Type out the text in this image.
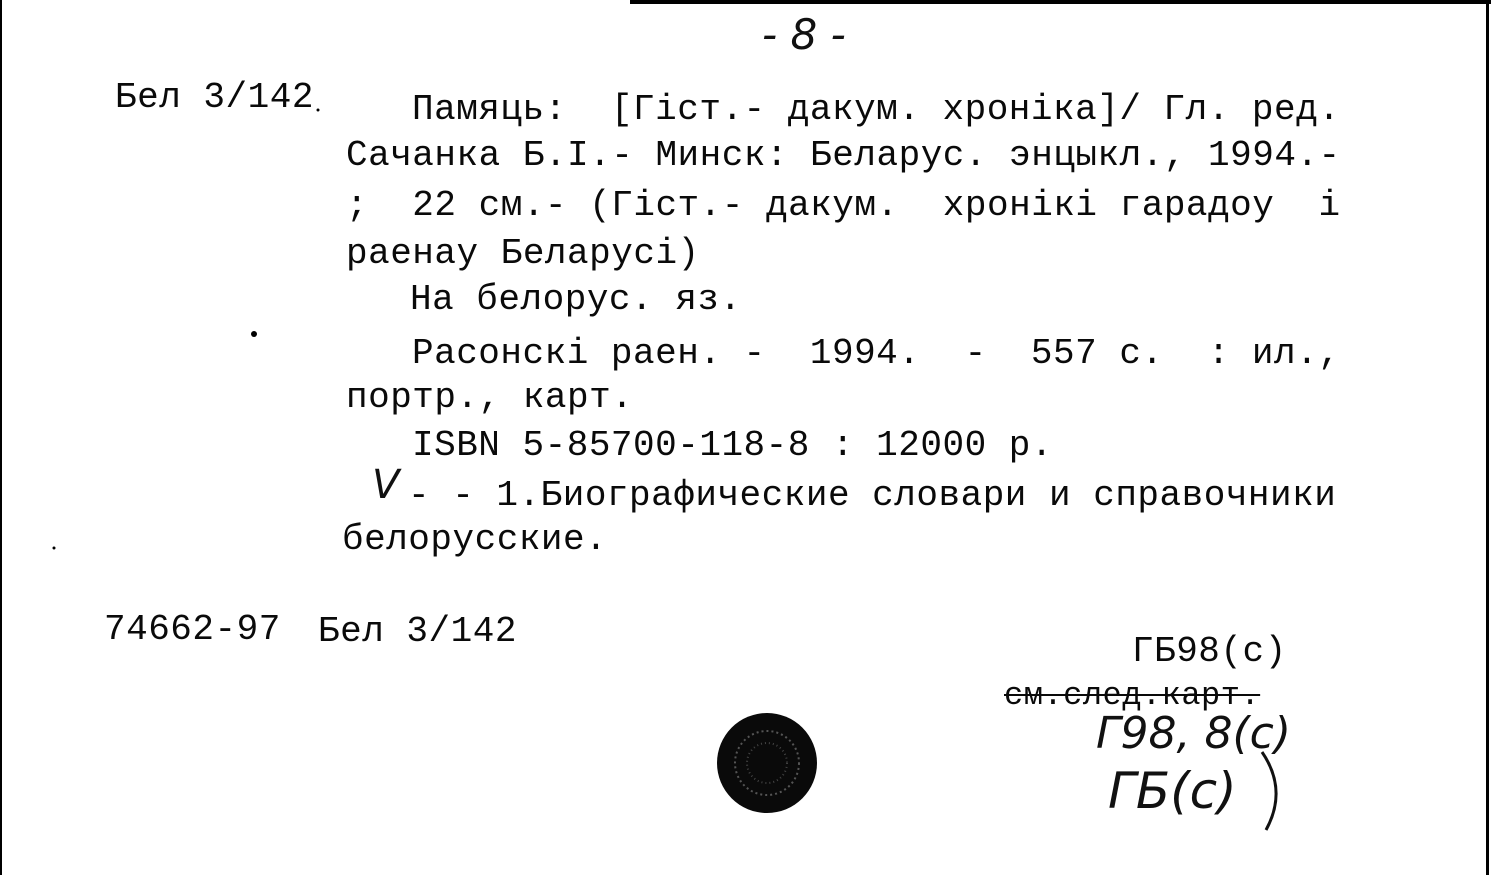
- 8 -
Бел 3/142	Памяць:  [Гіст.- дакум. хроніка]/ Гл. ред.
Сачанка Б.І.- Минск: Беларус. энцыкл., 1994.-
;  22 см.- (Гіст.- дакум.  хронікі гарадоу  і
раенау Беларусі)
На белорус. яз.
Расонскі раен. -  1994.  -  557 с.  : ил.,
портр., карт.
ISBN 5-85700-118-8 : 12000 р.
V - - 1.Биографические словари и справочники
белорусские.
74662-97 Бел 3/142	ГБ98(с)
см.след.карт.
Г98, 8(с)
ГБ(с)
